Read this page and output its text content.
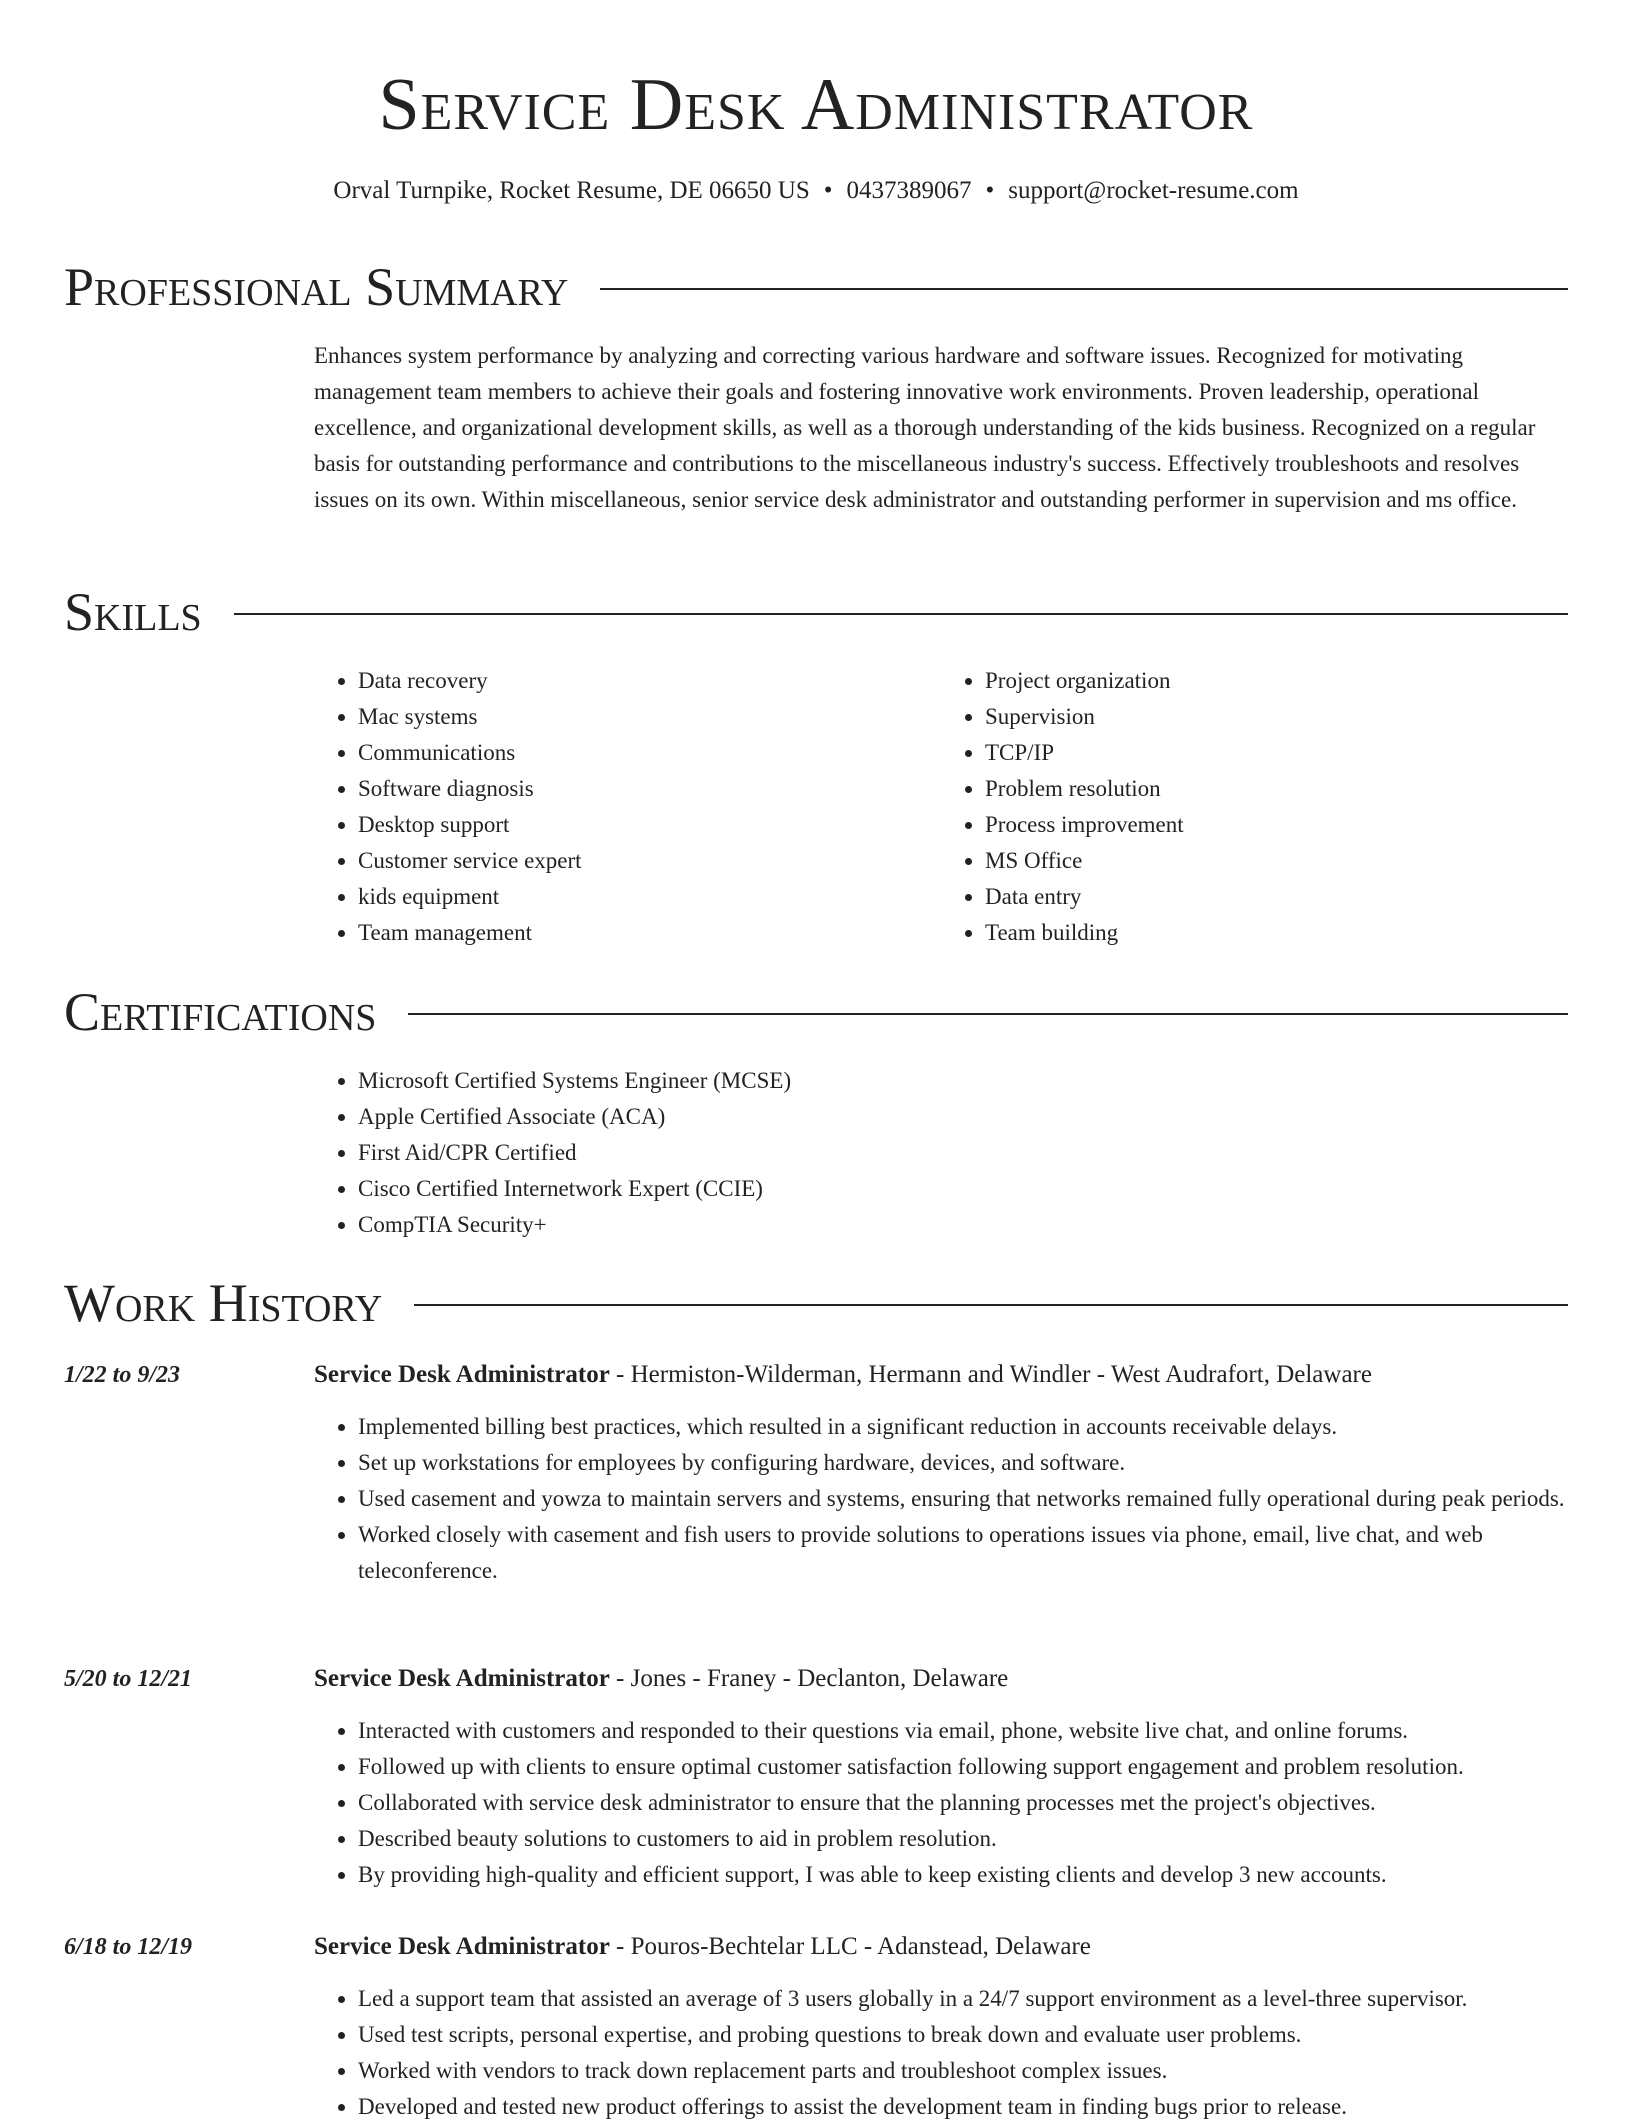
Service Desk Administrator
Orval Turnpike, Rocket Resume, DE 06650 US • 0437389067 • support@rocket-resume.com
Professional Summary

Enhances system performance by analyzing and correcting various hardware and software issues. Recognized for motivating management team members to achieve their goals and fostering innovative work environments. Proven leadership, operational excellence, and organizational development skills, as well as a thorough understanding of the kids business. Recognized on a regular basis for outstanding performance and contributions to the miscellaneous industry's success. Effectively troubleshoots and resolves issues on its own. Within miscellaneous, senior service desk administrator and outstanding performer in supervision and ms office.

Skills
• Data recovery
• Mac systems
• Communications
• Software diagnosis
• Desktop support
• Customer service expert
• kids equipment
• Team management
• Project organization
• Supervision
• TCP/IP
• Problem resolution
• Process improvement
• MS Office
• Data entry
• Team building
Certifications
• Microsoft Certified Systems Engineer (MCSE)
• Apple Certified Associate (ACA)
• First Aid/CPR Certified
• Cisco Certified Internetwork Expert (CCIE)
• CompTIA Security+
Work History
1/22 to 9/23	Service Desk Administrator - Hermiston-Wilderman, Hermann and Windler - West Audrafort, Delaware
• Implemented billing best practices, which resulted in a significant reduction in accounts receivable delays.
• Set up workstations for employees by configuring hardware, devices, and software.
• Used casement and yowza to maintain servers and systems, ensuring that networks remained fully operational during peak periods.
• Worked closely with casement and fish users to provide solutions to operations issues via phone, email, live chat, and web teleconference.
5/20 to 12/21	Service Desk Administrator - Jones - Franey - Declanton, Delaware
• Interacted with customers and responded to their questions via email, phone, website live chat, and online forums.
• Followed up with clients to ensure optimal customer satisfaction following support engagement and problem resolution.
• Collaborated with service desk administrator to ensure that the planning processes met the project's objectives.
• Described beauty solutions to customers to aid in problem resolution.
• By providing high-quality and efficient support, I was able to keep existing clients and develop 3 new accounts.
6/18 to 12/19	Service Desk Administrator - Pouros-Bechtelar LLC - Adanstead, Delaware
• Led a support team that assisted an average of 3 users globally in a 24/7 support environment as a level-three supervisor.
• Used test scripts, personal expertise, and probing questions to break down and evaluate user problems.
• Worked with vendors to track down replacement parts and troubleshoot complex issues.
• Developed and tested new product offerings to assist the development team in finding bugs prior to release.
